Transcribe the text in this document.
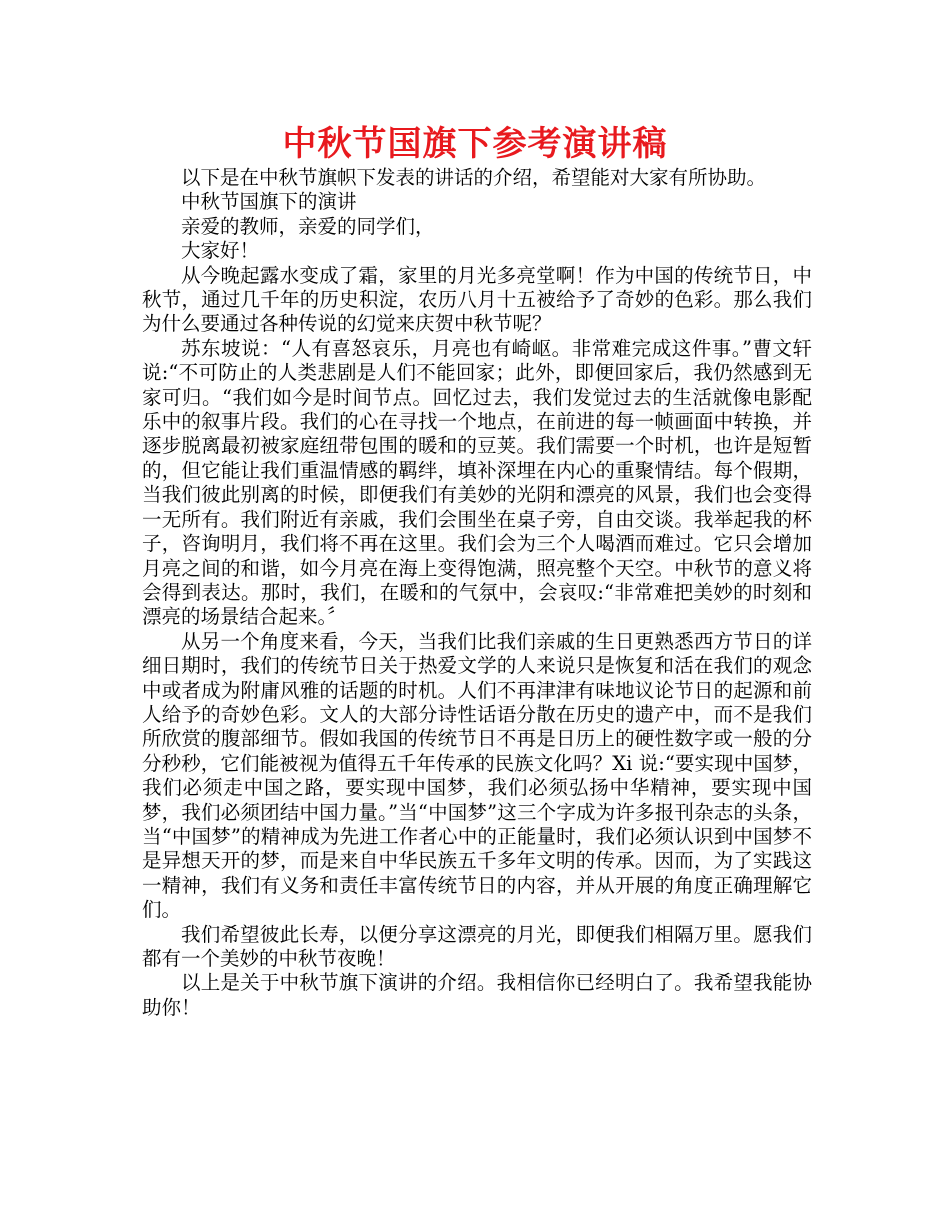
中秋节国旗下参考演讲稿

以下是在中秋节旗帜下发表的讲话的介绍，希望能对大家有所协助。

中秋节国旗下的演讲

亲爱的教师，亲爱的同学们，

大家好！

从今晚起露水变成了霜，家里的月光多亮堂啊！作为中国的传统节日，中秋节，通过几千年的历史积淀，农历八月十五被给予了奇妙的色彩。那么我们为什么要通过各种传说的幻觉来庆贺中秋节呢？

苏东坡说：“人有喜怒哀乐，月亮也有崎岖。非常难完成这件事。”曹文轩说:“不可防止的人类悲剧是人们不能回家；此外，即便回家后，我仍然感到无家可归。“我们如今是时间节点。回忆过去，我们发觉过去的生活就像电影配乐中的叙事片段。我们的心在寻找一个地点，在前进的每一帧画面中转换，并逐步脱离最初被家庭纽带包围的暖和的豆荚。我们需要一个时机，也许是短暂的，但它能让我们重温情感的羁绊，填补深埋在内心的重聚情结。每个假期，当我们彼此别离的时候，即便我们有美妙的光阴和漂亮的风景，我们也会变得一无所有。我们附近有亲戚，我们会围坐在桌子旁，自由交谈。我举起我的杯子，咨询明月，我们将不再在这里。我们会为三个人喝酒而难过。它只会增加月亮之间的和谐，如今月亮在海上变得饱满，照亮整个天空。中秋节的意义将会得到表达。那时，我们，在暖和的气氛中，会哀叹:“非常难把美妙的时刻和漂亮的场景结合起来。〞

从另一个角度来看，今天，当我们比我们亲戚的生日更熟悉西方节日的详细日期时，我们的传统节日关于热爱文学的人来说只是恢复和活在我们的观念中或者成为附庸风雅的话题的时机。人们不再津津有味地议论节日的起源和前人给予的奇妙色彩。文人的大部分诗性话语分散在历史的遗产中，而不是我们所欣赏的腹部细节。假如我国的传统节日不再是日历上的硬性数字或一般的分分秒秒，它们能被视为值得五千年传承的民族文化吗？Xi 说:“要实现中国梦，我们必须走中国之路，要实现中国梦，我们必须弘扬中华精神，要实现中国梦，我们必须团结中国力量。”当“中国梦”这三个字成为许多报刊杂志的头条，当“中国梦”的精神成为先进工作者心中的正能量时，我们必须认识到中国梦不是异想天开的梦，而是来自中华民族五千多年文明的传承。因而，为了实践这一精神，我们有义务和责任丰富传统节日的内容，并从开展的角度正确理解它们。

我们希望彼此长寿，以便分享这漂亮的月光，即便我们相隔万里。愿我们都有一个美妙的中秋节夜晚！

以上是关于中秋节旗下演讲的介绍。我相信你已经明白了。我希望我能协助你！
